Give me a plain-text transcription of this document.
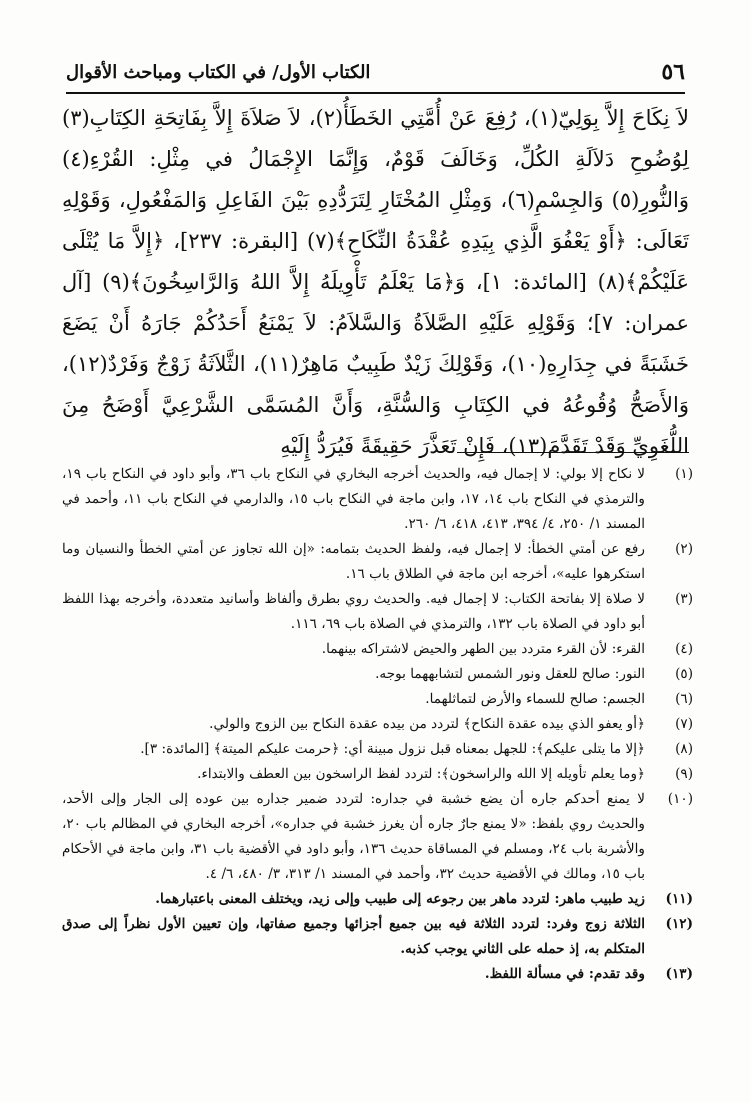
٥٦
الكتاب الأول/ في الكتاب ومباحث الأقوال

لاَ نِكَاحَ إِلاَّ بِوَلِيّ(١)، رُفِعَ عَنْ أُمَّتِي الخَطَأُ(٢)، لاَ صَلاَةَ إِلاَّ بِفَاتِحَةِ الكِتَابِ(٣) لِوُضُوحِ دَلاَلَةِ الكُلِّ، وَخَالَفَ قَوْمٌ، وَإِنَّمَا الإِجْمَالُ في مِثْلِ: القُرْءِ(٤) وَالنُّورِ(٥) وَالجِسْمِ(٦)، وَمِثْلِ المُخْتَارِ لِتَرَدُّدِهِ بَيْنَ الفَاعِلِ وَالمَفْعُولِ، وَقَوْلِهِ تَعَالَى: ﴿أَوْ يَعْفُوَ الَّذِي بِيَدِهِ عُقْدَةُ النِّكَاحِ﴾(٧) [البقرة: ٢٣٧]، ﴿إِلاَّ مَا يُتْلَى عَلَيْكُمْ﴾(٨) [المائدة: ١]، وَ﴿مَا يَعْلَمُ تَأْوِيلَهُ إِلاَّ اللهُ وَالرَّاسِخُونَ﴾(٩) [آل عمران: ٧]؛ وَقَوْلِهِ عَلَيْهِ الصَّلاَةُ وَالسَّلاَمُ: لاَ يَمْنَعُ أَحَدُكُمْ جَارَهُ أَنْ يَضَعَ خَشَبَةً في جِدَارِهِ(١٠)، وَقَوْلِكَ زَيْدٌ طَبِيبٌ مَاهِرٌ(١١)، الثَّلاَثَةُ زَوْجٌ وَفَرْدٌ(١٢)، وَالأَصَحُّ وُقُوعُهُ في الكِتَابِ وَالسُّنَّةِ، وَأَنَّ المُسَمَّى الشَّرْعِيَّ أَوْضَحُ مِنَ اللُّغَوِيِّ وَقَدْ تَقَدَّمَ(١٣)، فَإِنْ تَعَذَّرَ حَقِيقَةً فَيُرَدُّ إِلَيْهِ

(١)
لا نكاح إلا بولي: لا إجمال فيه، والحديث أخرجه البخاري في النكاح باب ٣٦، وأبو داود في النكاح باب ١٩، والترمذي في النكاح باب ١٤، ١٧، وابن ماجة في النكاح باب ١٥، والدارمي في النكاح باب ١١، وأحمد في المسند ١/ ٢٥٠، ٤/ ٣٩٤، ٤١٣، ٤١٨، ٦/ ٢٦٠.
(٢)
رفع عن أمتي الخطأ: لا إجمال فيه، ولفظ الحديث بتمامه: «إن الله تجاوز عن أمتي الخطأ والنسيان وما استكرهوا عليه»، أخرجه ابن ماجة في الطلاق باب ١٦.
(٣)
لا صلاة إلا بفاتحة الكتاب: لا إجمال فيه. والحديث روي بطرق وألفاظ وأسانيد متعددة، وأخرجه بهذا اللفظ أبو داود في الصلاة باب ١٣٢، والترمذي في الصلاة باب ٦٩، ١١٦.
(٤)
القرء: لأن القرء متردد بين الطهر والحيض لاشتراكه بينهما.
(٥)
النور: صالح للعقل ونور الشمس لتشابههما بوجه.
(٦)
الجسم: صالح للسماء والأرض لتماثلهما.
(٧)
﴿أو يعفو الذي بيده عقدة النكاح﴾ لتردد من بيده عقدة النكاح بين الزوج والولي.
(٨)
﴿إلا ما يتلى عليكم﴾: للجهل بمعناه قبل نزول مبينة أي: ﴿حرمت عليكم الميتة﴾ [المائدة: ٣].
(٩)
﴿وما يعلم تأويله إلا الله والراسخون﴾: لتردد لفظ الراسخون بين العطف والابتداء.
(١٠)
لا يمنع أحدكم جاره أن يضع خشبة في جداره: لتردد ضمير جداره بين عوده إلى الجار وإلى الأحد، والحديث روي بلفظ: «لا يمنع جارٌ جاره أن يغرز خشبة في جداره»، أخرجه البخاري في المظالم باب ٢٠، والأشربة باب ٢٤، ومسلم في المساقاة حديث ١٣٦، وأبو داود في الأقضية باب ٣١، وابن ماجة في الأحكام باب ١٥، ومالك في الأقضية حديث ٣٢، وأحمد في المسند ١/ ٣١٣، ٣/ ٤٨٠، ٦/ ٤.
(١١)
زيد طبيب ماهر: لتردد ماهر بين رجوعه إلى طبيب وإلى زيد، ويختلف المعنى باعتبارهما.
(١٢)
الثلاثة زوج وفرد: لتردد الثلاثة فيه بين جميع أجزائها وجميع صفاتها، وإن تعيين الأول نظراً إلى صدق المتكلم به، إذ حمله على الثاني يوجب كذبه.
(١٣)
وقد تقدم: في مسألة اللفظ.
